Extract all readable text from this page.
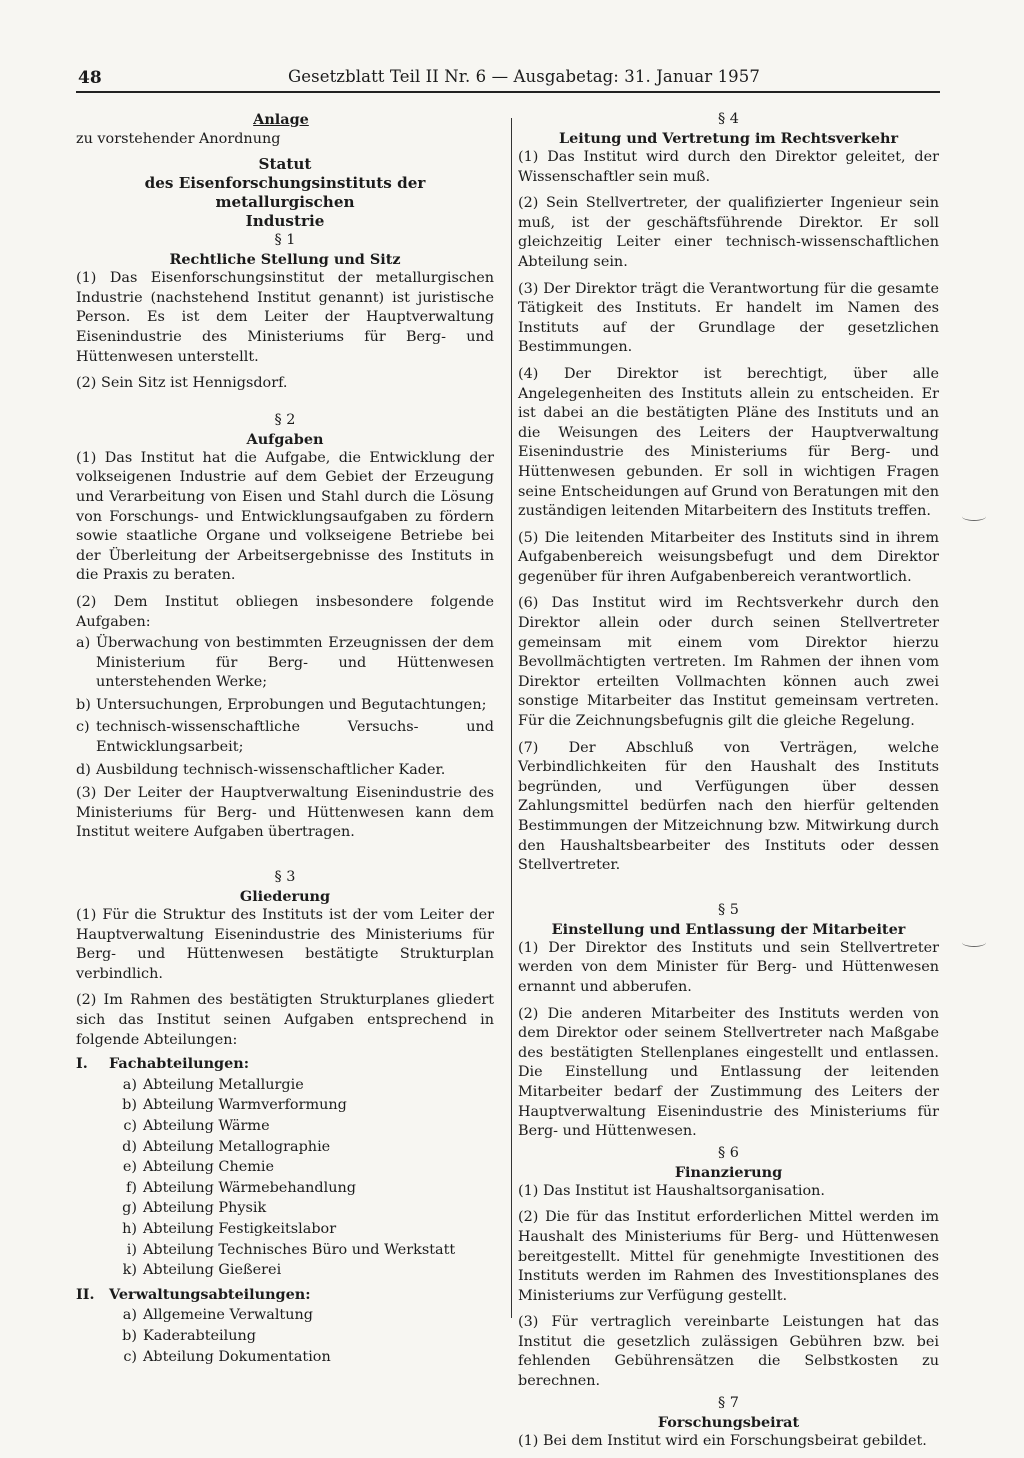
48	Gesetzblatt Teil II Nr. 6 — Ausgabetag: 31. Januar 1957
Anlage
zu vorstehender Anordnung
Statut
des Eisenforschungsinstituts der metallurgischen
Industrie
§ 1
Rechtliche Stellung und Sitz

(1) Das Eisenforschungsinstitut der metallurgischen Industrie (nachstehend Institut genannt) ist juristische Person. Es ist dem Leiter der Hauptverwaltung Eisenindustrie des Ministeriums für Berg- und Hüttenwesen unterstellt.

(2) Sein Sitz ist Hennigsdorf.

§ 2
Aufgaben

(1) Das Institut hat die Aufgabe, die Entwicklung der volkseigenen Industrie auf dem Gebiet der Erzeugung und Verarbeitung von Eisen und Stahl durch die Lösung von Forschungs- und Entwicklungsaufgaben zu fördern sowie staatliche Organe und volkseigene Betriebe bei der Überleitung der Arbeitsergebnisse des Instituts in die Praxis zu beraten.

(2) Dem Institut obliegen insbesondere folgende Aufgaben:

a) Überwachung von bestimmten Erzeugnissen der dem Ministerium für Berg- und Hüttenwesen unterstehenden Werke;
b) Untersuchungen, Erprobungen und Begutachtungen;
c) technisch-wissenschaftliche Versuchs- und Entwicklungsarbeit;
d) Ausbildung technisch-wissenschaftlicher Kader.

(3) Der Leiter der Hauptverwaltung Eisenindustrie des Ministeriums für Berg- und Hüttenwesen kann dem Institut weitere Aufgaben übertragen.

§ 3
Gliederung

(1) Für die Struktur des Instituts ist der vom Leiter der Hauptverwaltung Eisenindustrie des Ministeriums für Berg- und Hüttenwesen bestätigte Strukturplan verbindlich.

(2) Im Rahmen des bestätigten Strukturplanes gliedert sich das Institut seinen Aufgaben entsprechend in folgende Abteilungen:

I.	Fachabteilungen:
a) Abteilung Metallurgie
b) Abteilung Warmverformung
c) Abteilung Wärme
d) Abteilung Metallographie
e) Abteilung Chemie
f) Abteilung Wärmebehandlung
g) Abteilung Physik
h) Abteilung Festigkeitslabor
i) Abteilung Technisches Büro und Werkstatt
k) Abteilung Gießerei
II.	Verwaltungsabteilungen:
a) Allgemeine Verwaltung
b) Kaderabteilung
c) Abteilung Dokumentation
§ 4
Leitung und Vertretung im Rechtsverkehr

(1) Das Institut wird durch den Direktor geleitet, der Wissenschaftler sein muß.

(2) Sein Stellvertreter, der qualifizierter Ingenieur sein muß, ist der geschäftsführende Direktor. Er soll gleichzeitig Leiter einer technisch-wissenschaftlichen Abteilung sein.

(3) Der Direktor trägt die Verantwortung für die gesamte Tätigkeit des Instituts. Er handelt im Namen des Instituts auf der Grundlage der gesetzlichen Bestimmungen.

(4) Der Direktor ist berechtigt, über alle Angelegenheiten des Instituts allein zu entscheiden. Er ist dabei an die bestätigten Pläne des Instituts und an die Weisungen des Leiters der Hauptverwaltung Eisenindustrie des Ministeriums für Berg- und Hüttenwesen gebunden. Er soll in wichtigen Fragen seine Entscheidungen auf Grund von Beratungen mit den zuständigen leitenden Mitarbeitern des Instituts treffen.

(5) Die leitenden Mitarbeiter des Instituts sind in ihrem Aufgabenbereich weisungsbefugt und dem Direktor gegenüber für ihren Aufgabenbereich verantwortlich.

(6) Das Institut wird im Rechtsverkehr durch den Direktor allein oder durch seinen Stellvertreter gemeinsam mit einem vom Direktor hierzu Bevollmächtigten vertreten. Im Rahmen der ihnen vom Direktor erteilten Vollmachten können auch zwei sonstige Mitarbeiter das Institut gemeinsam vertreten. Für die Zeichnungsbefugnis gilt die gleiche Regelung.

(7) Der Abschluß von Verträgen, welche Verbindlichkeiten für den Haushalt des Instituts begründen, und Verfügungen über dessen Zahlungsmittel bedürfen nach den hierfür geltenden Bestimmungen der Mitzeichnung bzw. Mitwirkung durch den Haushaltsbearbeiter des Instituts oder dessen Stellvertreter.

§ 5
Einstellung und Entlassung der Mitarbeiter

(1) Der Direktor des Instituts und sein Stellvertreter werden von dem Minister für Berg- und Hüttenwesen ernannt und abberufen.

(2) Die anderen Mitarbeiter des Instituts werden von dem Direktor oder seinem Stellvertreter nach Maßgabe des bestätigten Stellenplanes eingestellt und entlassen. Die Einstellung und Entlassung der leitenden Mitarbeiter bedarf der Zustimmung des Leiters der Hauptverwaltung Eisenindustrie des Ministeriums für Berg- und Hüttenwesen.

§ 6
Finanzierung

(1) Das Institut ist Haushaltsorganisation.

(2) Die für das Institut erforderlichen Mittel werden im Haushalt des Ministeriums für Berg- und Hüttenwesen bereitgestellt. Mittel für genehmigte Investitionen des Instituts werden im Rahmen des Investitionsplanes des Ministeriums zur Verfügung gestellt.

(3) Für vertraglich vereinbarte Leistungen hat das Institut die gesetzlich zulässigen Gebühren bzw. bei fehlenden Gebührensätzen die Selbstkosten zu berechnen.

§ 7
Forschungsbeirat

(1) Bei dem Institut wird ein Forschungsbeirat gebildet.
